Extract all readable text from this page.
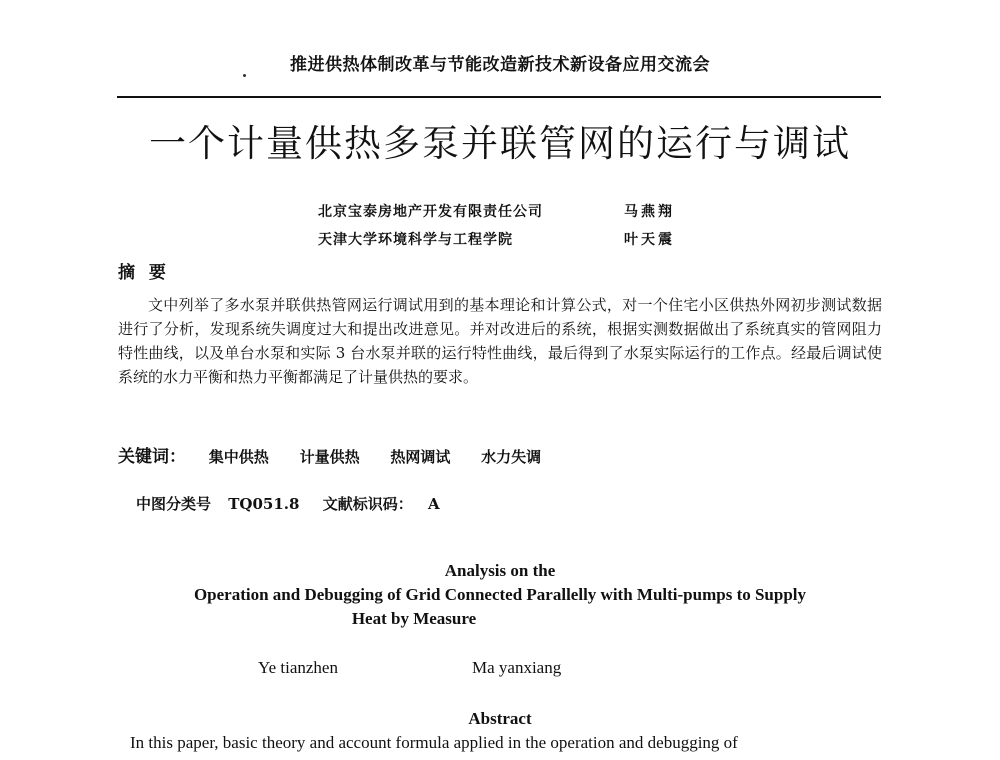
推进供热体制改革与节能改造新技术新设备应用交流会
一个计量供热多泵并联管网的运行与调试
北京宝泰房地产开发有限责任公司	马燕翔
天津大学环境科学与工程学院	叶天震
摘 要

文中列举了多水泵并联供热管网运行调试用到的基本理论和计算公式，对一个住宅小区供热外网初步测试数据进行了分析，发现系统失调度过大和提出改进意见。并对改进后的系统，根据实测数据做出了系统真实的管网阻力特性曲线，以及单台水泵和实际 3 台水泵并联的运行特性曲线，最后得到了水泵实际运行的工作点。经最后调试使系统的水力平衡和热力平衡都满足了计量供热的要求。

关键词： 集中供热 计量供热 热网调试 水力失调
中图分类号 TQ051.8 文献标识码： A
Analysis on the
Operation and Debugging of Grid Connected Parallelly with Multi-pumps to Supply
Heat by Measure
Ye tianzhen	Ma yanxiang
Abstract
In this paper, basic theory and account formula applied in the operation and debugging of
